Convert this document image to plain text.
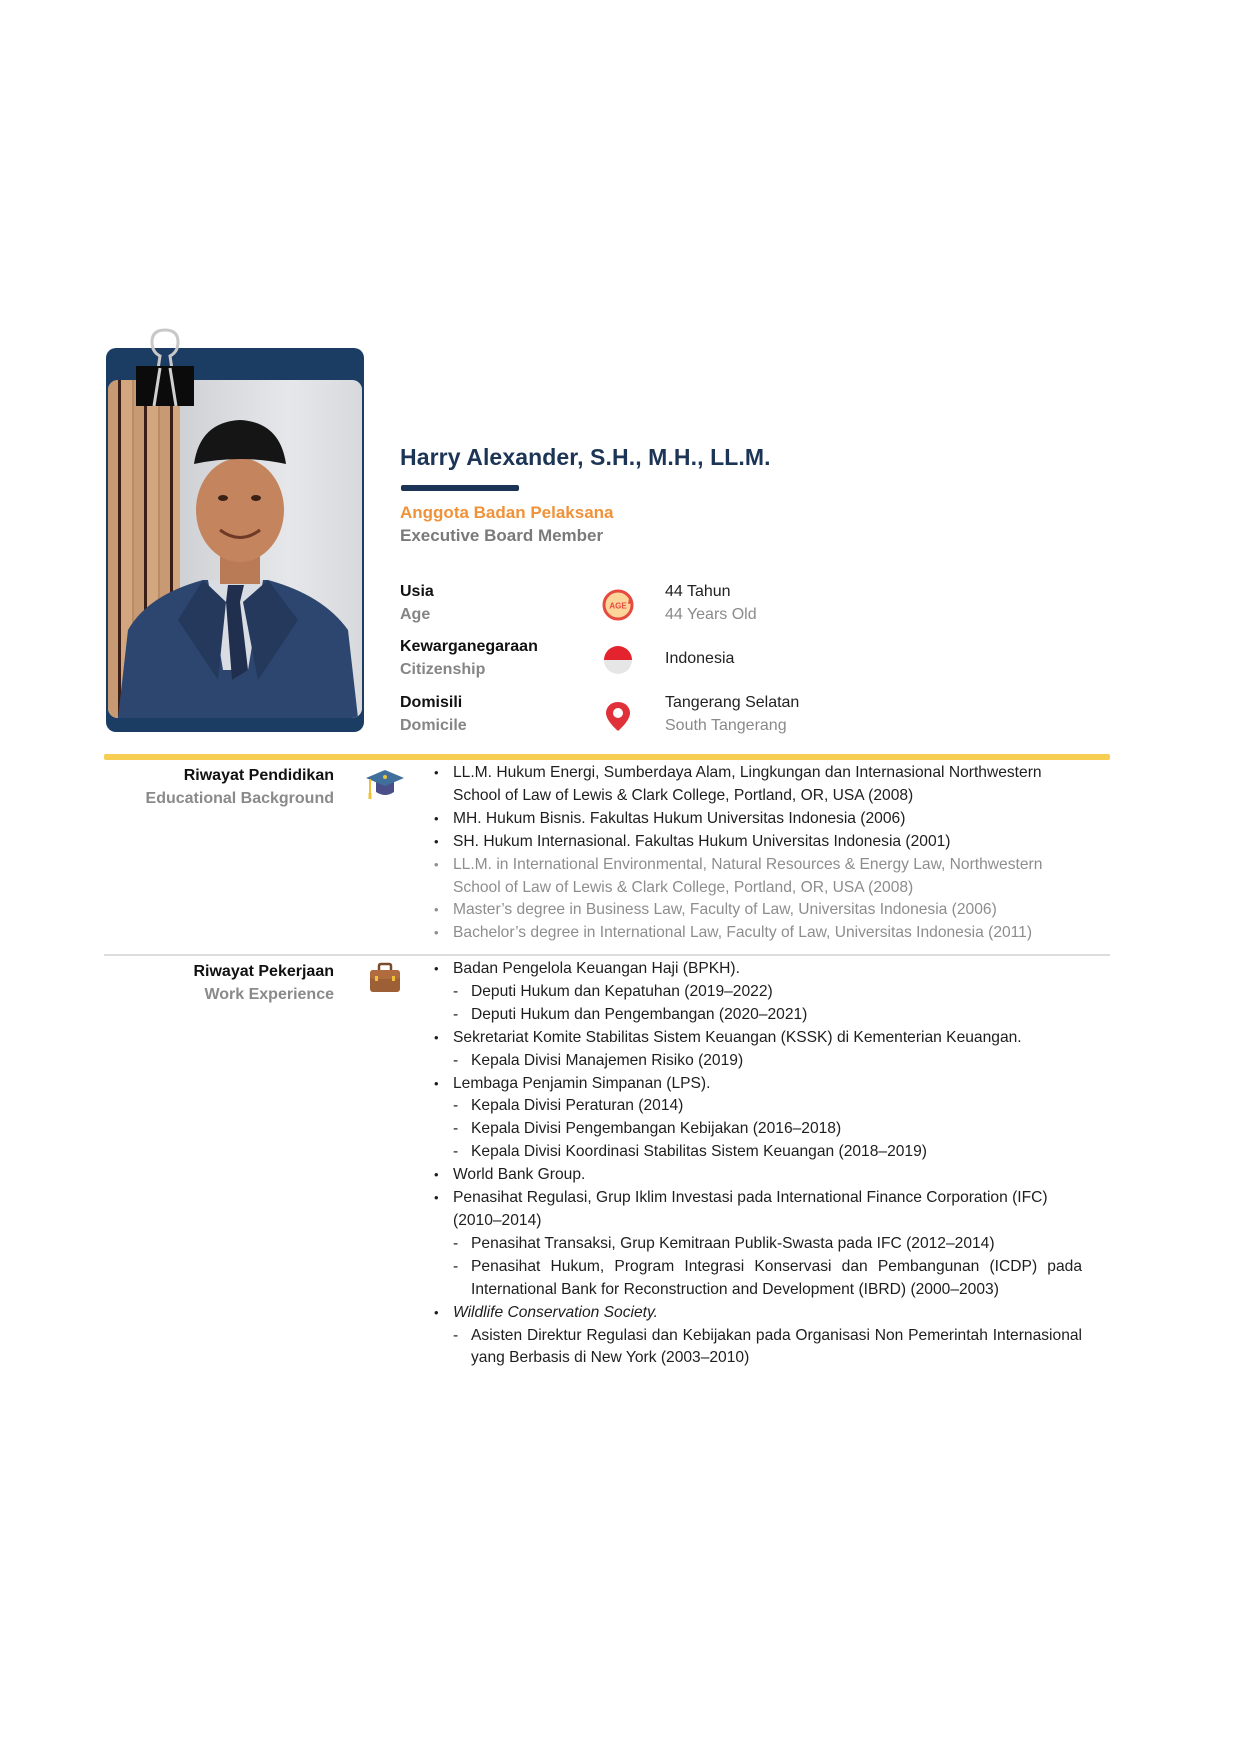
Harry Alexander, S.H., M.H., LL.M.
Anggota Badan Pelaksana
Executive Board Member
Usia
Age	AGE
44 Tahun
44 Years Old
Kewarganegaraan
Citizenship
Indonesia
Domisili
Domicile
Tangerang Selatan
South Tangerang
Riwayat Pendidikan
Educational Background
• LL.M. Hukum Energi, Sumberdaya Alam, Lingkungan dan Internasional Northwestern School of Law of Lewis & Clark College, Portland, OR, USA (2008)
• MH. Hukum Bisnis. Fakultas Hukum Universitas Indonesia (2006)
• SH. Hukum Internasional. Fakultas Hukum Universitas Indonesia (2001)
• LL.M. in International Environmental, Natural Resources & Energy Law, Northwestern School of Law of Lewis & Clark College, Portland, OR, USA (2008)
• Master’s degree in Business Law, Faculty of Law, Universitas Indonesia (2006)
• Bachelor’s degree in International Law, Faculty of Law, Universitas Indonesia (2011)
Riwayat Pekerjaan
Work Experience
• Badan Pengelola Keuangan Haji (BPKH).
- Deputi Hukum dan Kepatuhan (2019–2022)
- Deputi Hukum dan Pengembangan (2020–2021)
• Sekretariat Komite Stabilitas Sistem Keuangan (KSSK) di Kementerian Keuangan.
- Kepala Divisi Manajemen Risiko (2019)
• Lembaga Penjamin Simpanan (LPS).
- Kepala Divisi Peraturan (2014)
- Kepala Divisi Pengembangan Kebijakan (2016–2018)
- Kepala Divisi Koordinasi Stabilitas Sistem Keuangan (2018–2019)
• World Bank Group.
• Penasihat Regulasi, Grup Iklim Investasi pada International Finance Corporation (IFC) (2010–2014)
- Penasihat Transaksi, Grup Kemitraan Publik-Swasta pada IFC (2012–2014)
- Penasihat Hukum, Program Integrasi Konservasi dan Pembangunan (ICDP) pada International Bank for Reconstruction and Development (IBRD) (2000–2003)
• Wildlife Conservation Society.
- Asisten Direktur Regulasi dan Kebijakan pada Organisasi Non Pemerintah Internasional yang Berbasis di New York (2003–2010)
